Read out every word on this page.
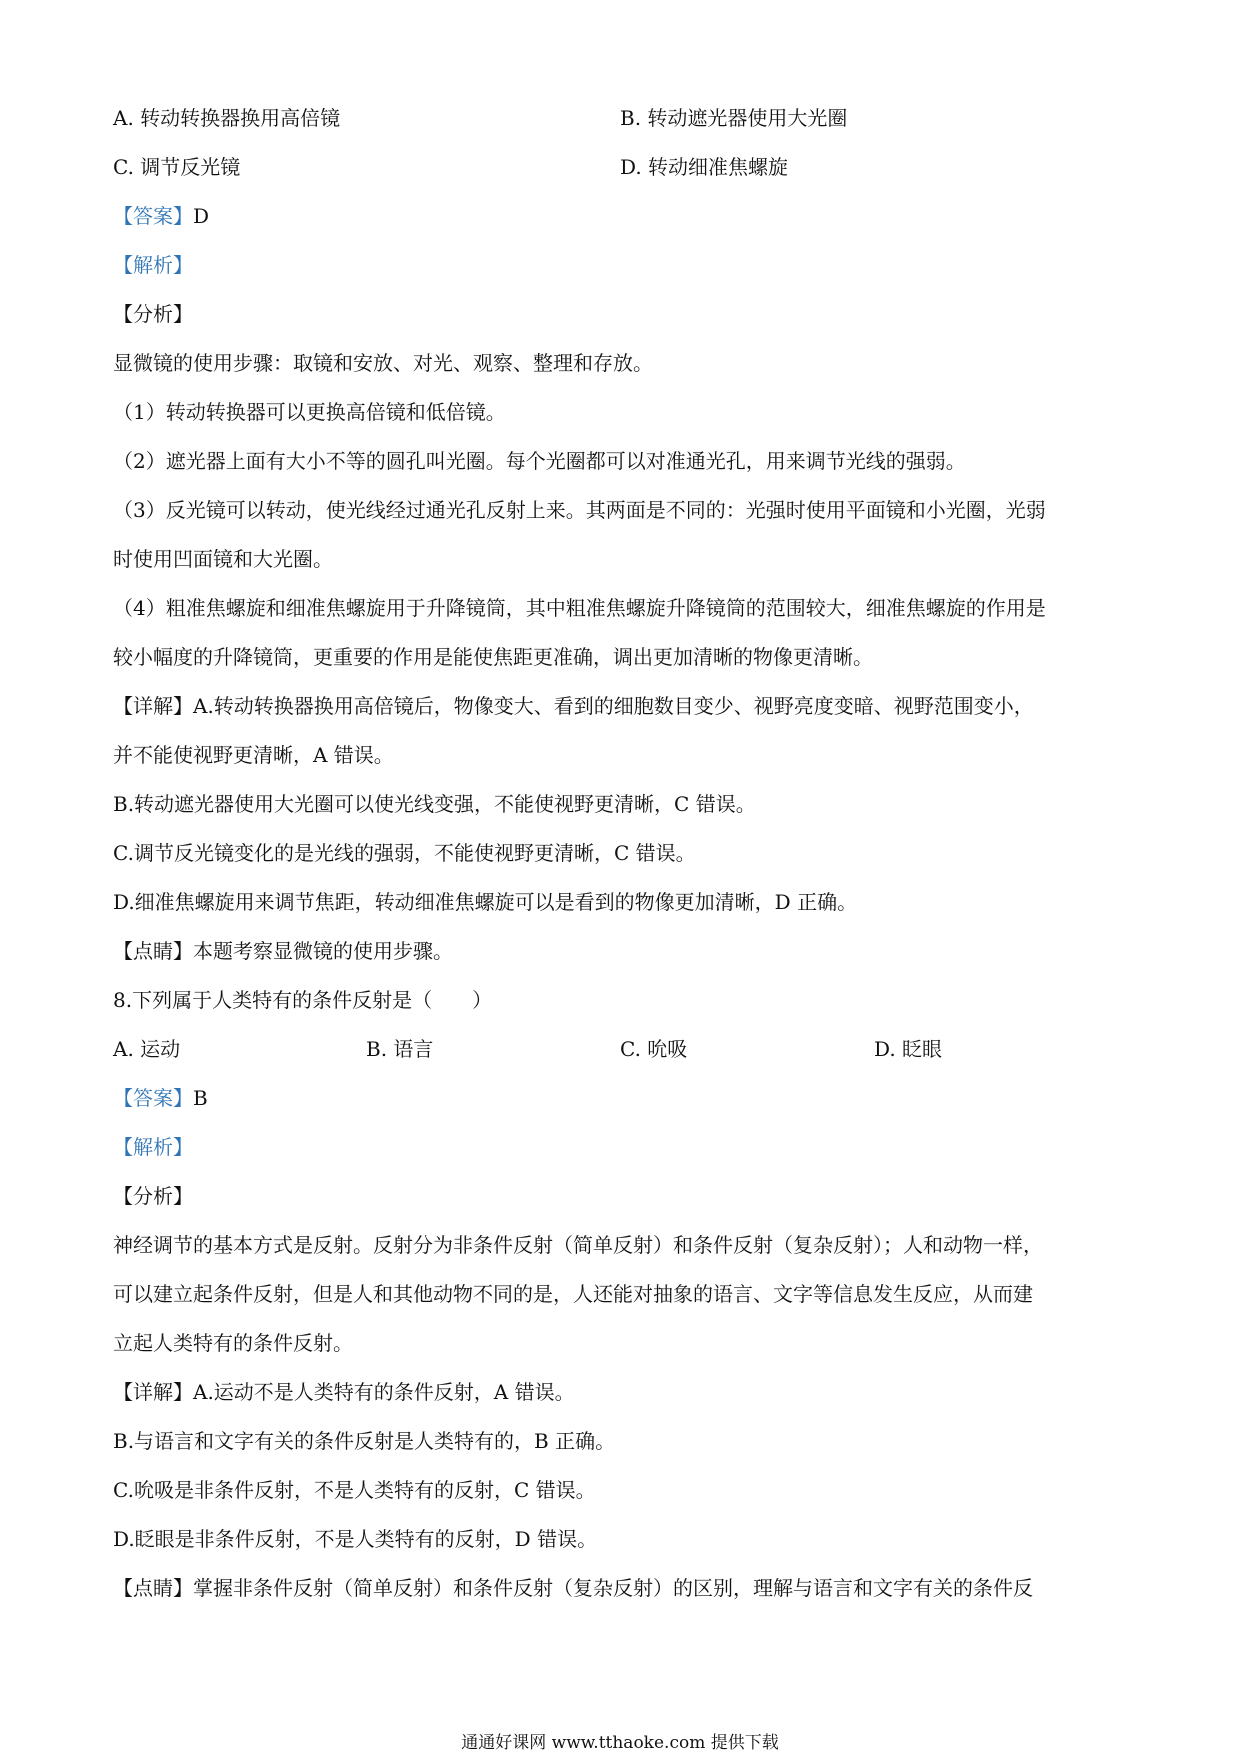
A. 转动转换器换用高倍镜	B. 转动遮光器使用大光圈
C. 调节反光镜	D. 转动细准焦螺旋
【答案】D
【解析】
【分析】
显微镜的使用步骤：取镜和安放、对光、观察、整理和存放。
（1）转动转换器可以更换高倍镜和低倍镜。
（2）遮光器上面有大小不等的圆孔叫光圈。每个光圈都可以对准通光孔，用来调节光线的强弱。
（3）反光镜可以转动，使光线经过通光孔反射上来。其两面是不同的：光强时使用平面镜和小光圈，光弱
时使用凹面镜和大光圈。
（4）粗准焦螺旋和细准焦螺旋用于升降镜筒，其中粗准焦螺旋升降镜筒的范围较大，细准焦螺旋的作用是
较小幅度的升降镜筒，更重要的作用是能使焦距更准确，调出更加清晰的物像更清晰。
【详解】A.转动转换器换用高倍镜后，物像变大、看到的细胞数目变少、视野亮度变暗、视野范围变小，
并不能使视野更清晰，A 错误。
B.转动遮光器使用大光圈可以使光线变强，不能使视野更清晰，C 错误。
C.调节反光镜变化的是光线的强弱，不能使视野更清晰，C 错误。
D.细准焦螺旋用来调节焦距，转动细准焦螺旋可以是看到的物像更加清晰，D 正确。
【点睛】本题考察显微镜的使用步骤。
8.下列属于人类特有的条件反射是（　　）
A. 运动	B. 语言	C. 吮吸	D. 眨眼
【答案】B
【解析】
【分析】
神经调节的基本方式是反射。反射分为非条件反射（简单反射）和条件反射（复杂反射）；人和动物一样，
可以建立起条件反射，但是人和其他动物不同的是，人还能对抽象的语言、文字等信息发生反应，从而建
立起人类特有的条件反射。
【详解】A.运动不是人类特有的条件反射，A 错误。
B.与语言和文字有关的条件反射是人类特有的，B 正确。
C.吮吸是非条件反射，不是人类特有的反射，C 错误。
D.眨眼是非条件反射，不是人类特有的反射，D 错误。
【点睛】掌握非条件反射（简单反射）和条件反射（复杂反射）的区别，理解与语言和文字有关的条件反
通通好课网 www.tthaoke.com 提供下载
